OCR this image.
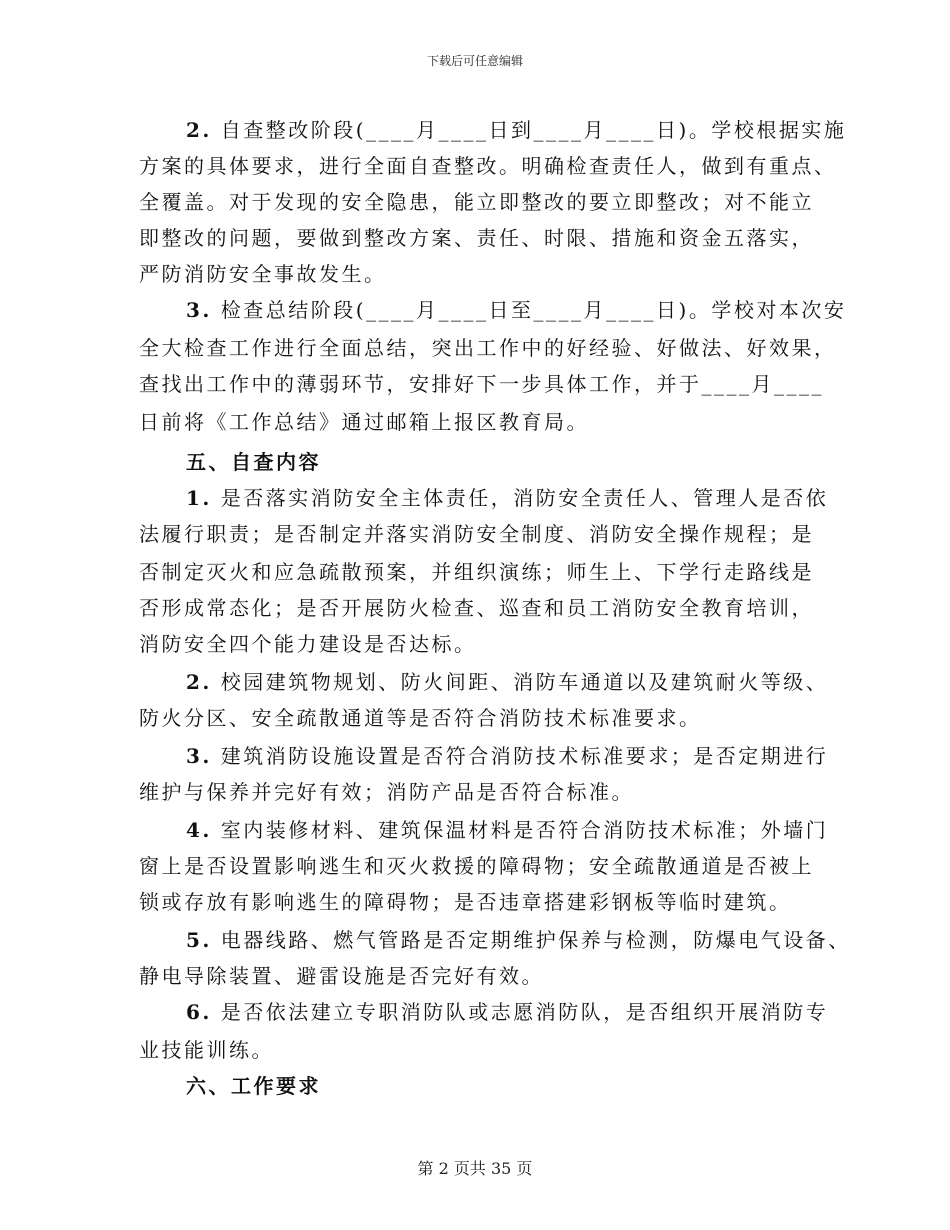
下载后可任意编辑
2. 自查整改阶段(____月____日到____月____日)。学校根据实施
方案的具体要求，进行全面自查整改。明确检查责任人，做到有重点、
全覆盖。对于发现的安全隐患，能立即整改的要立即整改；对不能立
即整改的问题，要做到整改方案、责任、时限、措施和资金五落实，
严防消防安全事故发生。
3. 检查总结阶段(____月____日至____月____日)。学校对本次安
全大检查工作进行全面总结，突出工作中的好经验、好做法、好效果，
查找出工作中的薄弱环节，安排好下一步具体工作，并于____月____
日前将《工作总结》通过邮箱上报区教育局。
五、自查内容
1. 是否落实消防安全主体责任，消防安全责任人、管理人是否依
法履行职责；是否制定并落实消防安全制度、消防安全操作规程；是
否制定灭火和应急疏散预案，并组织演练；师生上、下学行走路线是
否形成常态化；是否开展防火检查、巡查和员工消防安全教育培训，
消防安全四个能力建设是否达标。
2. 校园建筑物规划、防火间距、消防车通道以及建筑耐火等级、
防火分区、安全疏散通道等是否符合消防技术标准要求。
3. 建筑消防设施设置是否符合消防技术标准要求；是否定期进行
维护与保养并完好有效；消防产品是否符合标准。
4. 室内装修材料、建筑保温材料是否符合消防技术标准；外墙门
窗上是否设置影响逃生和灭火救援的障碍物；安全疏散通道是否被上
锁或存放有影响逃生的障碍物；是否违章搭建彩钢板等临时建筑。
5. 电器线路、燃气管路是否定期维护保养与检测，防爆电气设备、
静电导除装置、避雷设施是否完好有效。
6. 是否依法建立专职消防队或志愿消防队，是否组织开展消防专
业技能训练。
六、工作要求
第 2 页共 35 页
